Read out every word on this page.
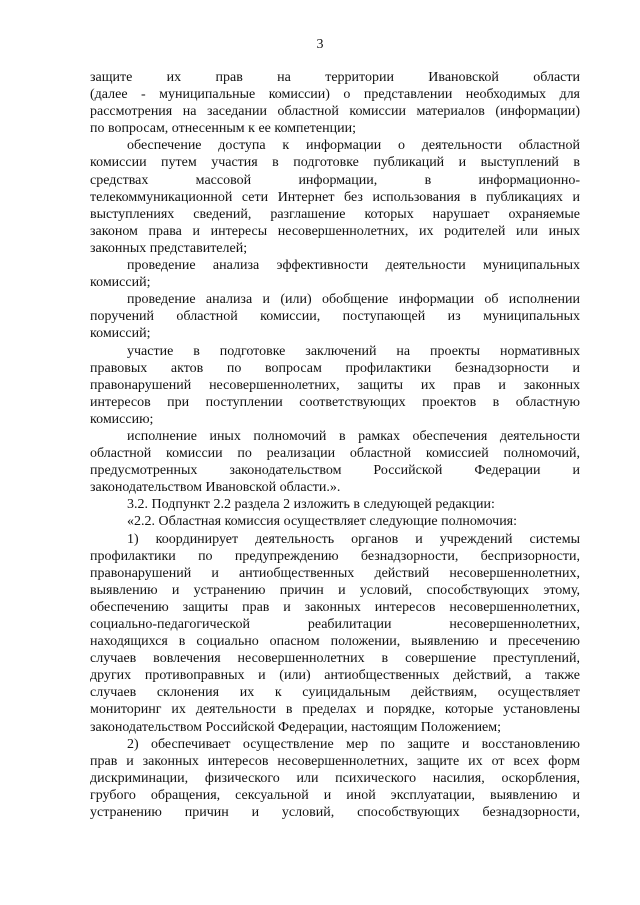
3
защите их прав на территории Ивановской области
(далее - муниципальные комиссии) о представлении необходимых для
рассмотрения на заседании областной комиссии материалов (информации)
по вопросам, отнесенным к ее компетенции;
обеспечение доступа к информации о деятельности областной
комиссии путем участия в подготовке публикаций и выступлений в
средствах массовой информации, в информационно-
телекоммуникационной сети Интернет без использования в публикациях и
выступлениях сведений, разглашение которых нарушает охраняемые
законом права и интересы несовершеннолетних, их родителей или иных
законных представителей;
проведение анализа эффективности деятельности муниципальных
комиссий;
проведение анализа и (или) обобщение информации об исполнении
поручений областной комиссии, поступающей из муниципальных
комиссий;
участие в подготовке заключений на проекты нормативных
правовых актов по вопросам профилактики безнадзорности и
правонарушений несовершеннолетних, защиты их прав и законных
интересов при поступлении соответствующих проектов в областную
комиссию;
исполнение иных полномочий в рамках обеспечения деятельности
областной комиссии по реализации областной комиссией полномочий,
предусмотренных законодательством Российской Федерации и
законодательством Ивановской области.».
3.2. Подпункт 2.2 раздела 2 изложить в следующей редакции:
«2.2. Областная комиссия осуществляет следующие полномочия:
1) координирует деятельность органов и учреждений системы
профилактики по предупреждению безнадзорности, беспризорности,
правонарушений и антиобщественных действий несовершеннолетних,
выявлению и устранению причин и условий, способствующих этому,
обеспечению защиты прав и законных интересов несовершеннолетних,
социально-педагогической реабилитации несовершеннолетних,
находящихся в социально опасном положении, выявлению и пресечению
случаев вовлечения несовершеннолетних в совершение преступлений,
других противоправных и (или) антиобщественных действий, а также
случаев склонения их к суицидальным действиям, осуществляет
мониторинг их деятельности в пределах и порядке, которые установлены
законодательством Российской Федерации, настоящим Положением;
2) обеспечивает осуществление мер по защите и восстановлению
прав и законных интересов несовершеннолетних, защите их от всех форм
дискриминации, физического или психического насилия, оскорбления,
грубого обращения, сексуальной и иной эксплуатации, выявлению и
устранению причин и условий, способствующих безнадзорности,
